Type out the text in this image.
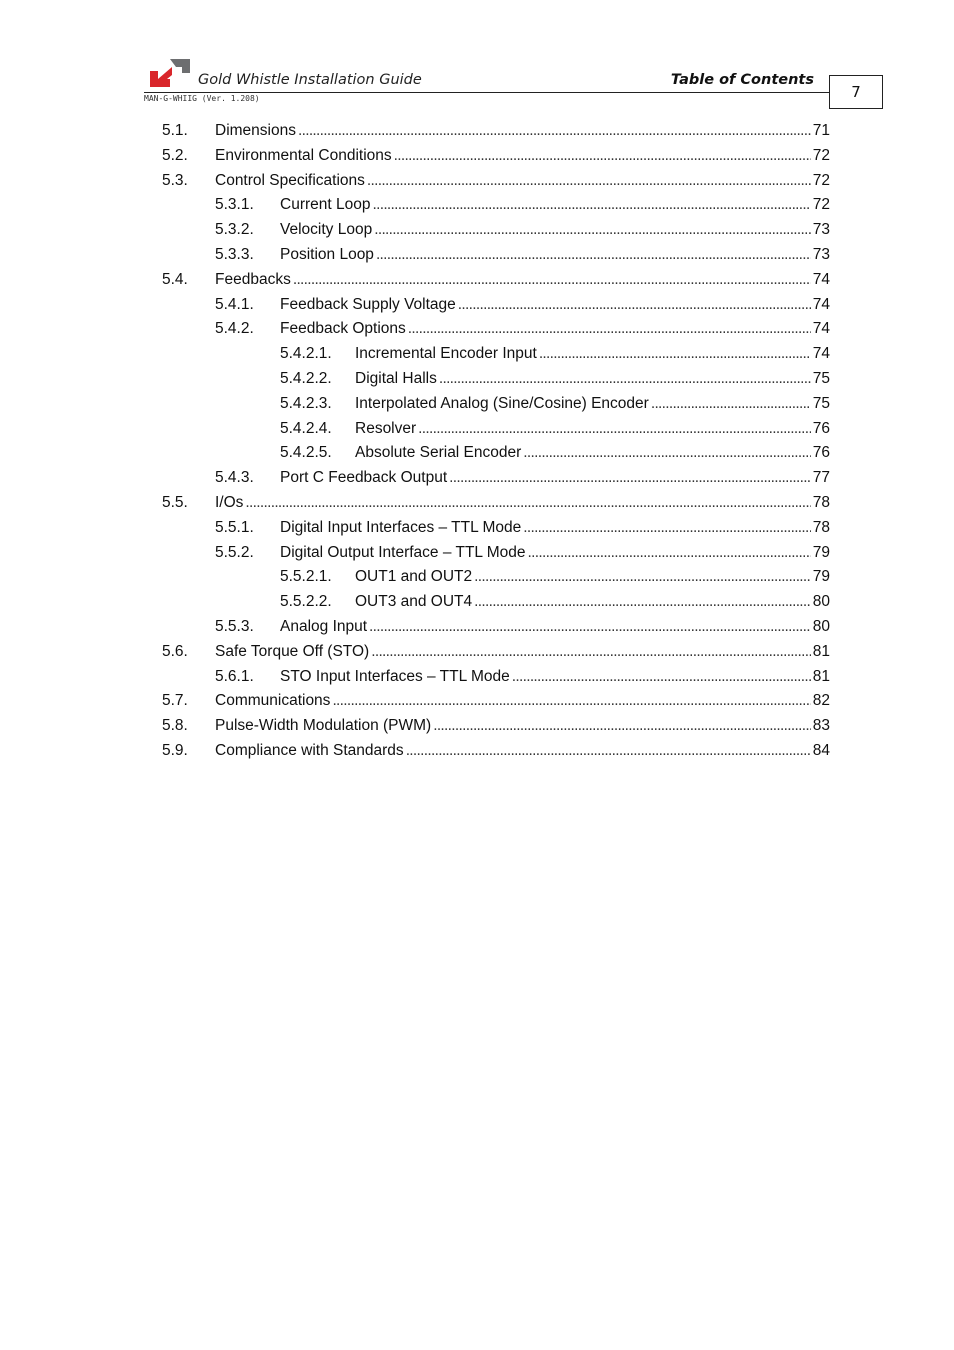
Gold Whistle Installation Guide	Table of Contents
MAN-G-WHIIG (Ver. 1.208)	7
5.1. Dimensions . . .	71
5.2. Environmental Conditions . . .	72
5.3. Control Specifications . . .	72
5.3.1. Current Loop . . .	72
5.3.2. Velocity Loop . . .	73
5.3.3. Position Loop . . .	73
5.4. Feedbacks . . .	74
5.4.1. Feedback Supply Voltage . . .	74
5.4.2. Feedback Options . . .	74
5.4.2.1. Incremental Encoder Input . . .	74
5.4.2.2. Digital Halls . . .	75
5.4.2.3. Interpolated Analog (Sine/Cosine) Encoder . . .	75
5.4.2.4. Resolver . . .	76
5.4.2.5. Absolute Serial Encoder . . .	76
5.4.3. Port C Feedback Output . . .	77
5.5. I/Os . . .	78
5.5.1. Digital Input Interfaces – TTL Mode . . .	78
5.5.2. Digital Output Interface – TTL Mode . . .	79
5.5.2.1. OUT1 and OUT2 . . .	79
5.5.2.2. OUT3 and OUT4 . . .	80
5.5.3. Analog Input . . .	80
5.6. Safe Torque Off (STO) . . .	81
5.6.1. STO Input Interfaces – TTL Mode . . .	81
5.7. Communications . . .	82
5.8. Pulse-Width Modulation (PWM) . . .	83
5.9. Compliance with Standards . . .	84
